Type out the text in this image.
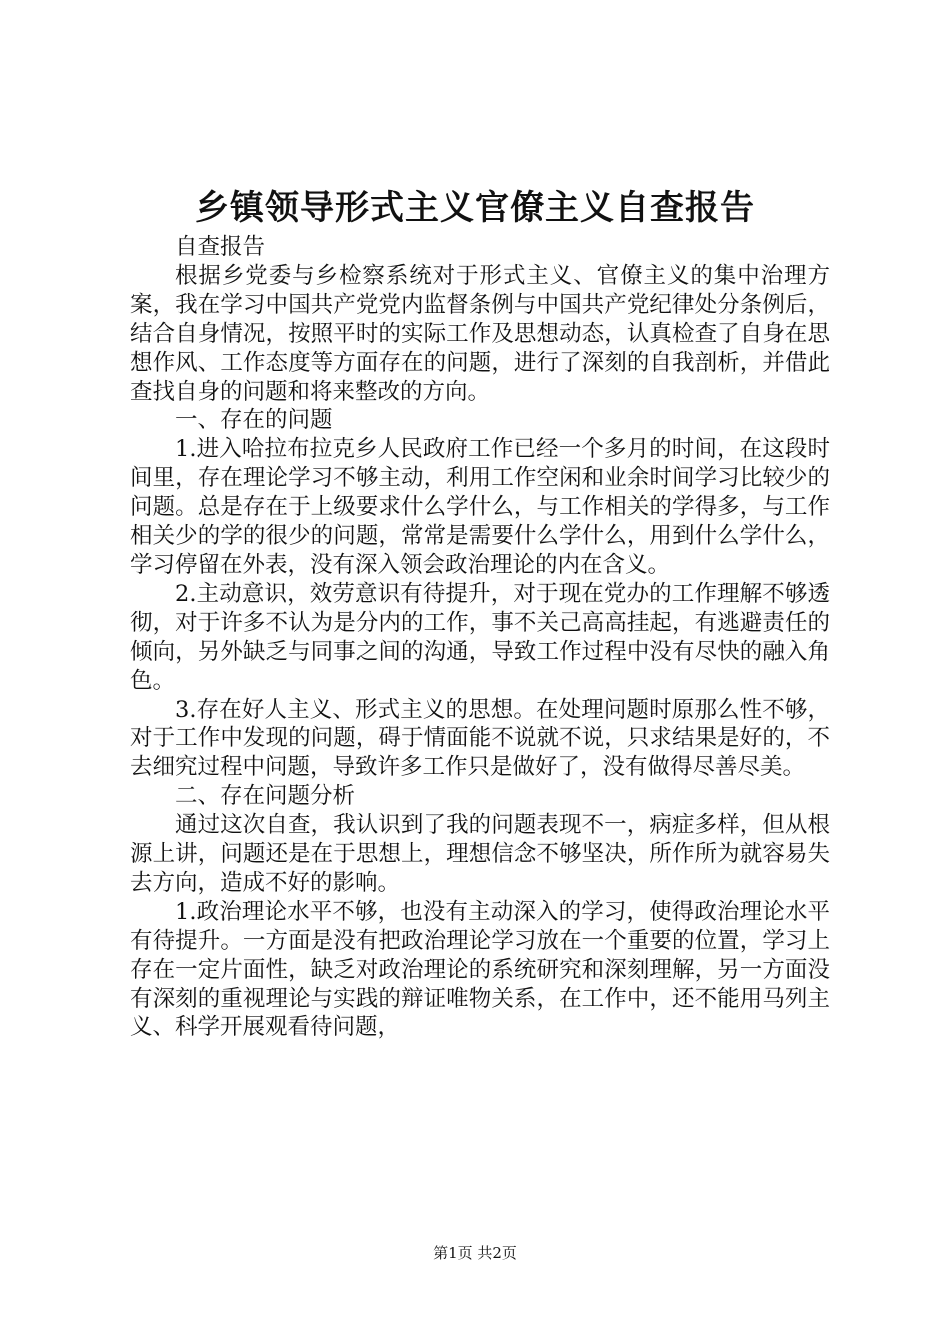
乡镇领导形式主义官僚主义自查报告

自查报告

根据乡党委与乡检察系统对于形式主义、官僚主义的集中治理方案，我在学习中国共产党党内监督条例与中国共产党纪律处分条例后，结合自身情况，按照平时的实际工作及思想动态，认真检查了自身在思想作风、工作态度等方面存在的问题，进行了深刻的自我剖析，并借此查找自身的问题和将来整改的方向。

一、存在的问题

1.进入哈拉布拉克乡人民政府工作已经一个多月的时间，在这段时间里，存在理论学习不够主动，利用工作空闲和业余时间学习比较少的问题。总是存在于上级要求什么学什么，与工作相关的学得多，与工作相关少的学的很少的问题，常常是需要什么学什么，用到什么学什么，学习停留在外表，没有深入领会政治理论的内在含义。

2.主动意识，效劳意识有待提升，对于现在党办的工作理解不够透彻，对于许多不认为是分内的工作，事不关己高高挂起，有逃避责任的倾向，另外缺乏与同事之间的沟通，导致工作过程中没有尽快的融入角色。

3.存在好人主义、形式主义的思想。在处理问题时原那么性不够，对于工作中发现的问题，碍于情面能不说就不说，只求结果是好的，不去细究过程中问题，导致许多工作只是做好了，没有做得尽善尽美。

二、存在问题分析

通过这次自查，我认识到了我的问题表现不一，病症多样，但从根源上讲，问题还是在于思想上，理想信念不够坚决，所作所为就容易失去方向，造成不好的影响。

1.政治理论水平不够，也没有主动深入的学习，使得政治理论水平有待提升。一方面是没有把政治理论学习放在一个重要的位置，学习上存在一定片面性，缺乏对政治理论的系统研究和深刻理解，另一方面没有深刻的重视理论与实践的辩证唯物关系，在工作中，还不能用马列主义、科学开展观看待问题，

第1页 共2页
